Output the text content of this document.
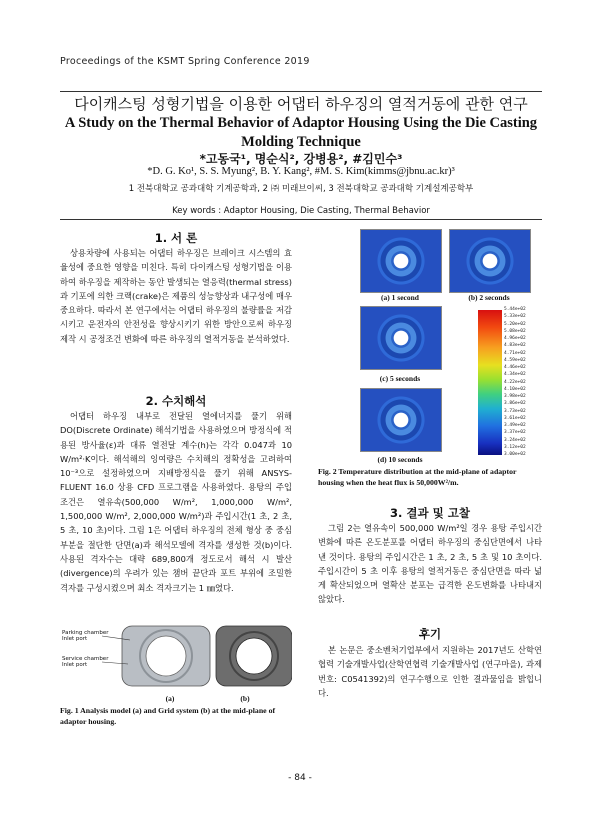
Proceedings of the KSMT Spring Conference 2019
다이캐스팅 성형기법을 이용한 어댑터 하우징의 열적거동에 관한 연구
A Study on the Thermal Behavior of Adaptor Housing Using the Die Casting Molding Technique
*고동국¹, 명순식², 강병용², #김민수³
*D. G. Ko¹, S. S. Myung², B. Y. Kang², #M. S. Kim(kimms@jbnu.ac.kr)³
1 전북대학교 공과대학 기계공학과, 2 ㈜ 미래브이씨, 3 전북대학교 공과대학 기계설계공학부
Key words : Adaptor Housing, Die Casting, Thermal Behavior
1. 서 론
상용차량에 사용되는 어댑터 하우징은 브레이크 시스템의 효율성에 중요한 영향을 미친다. 특히 다이캐스팅 성형기법을 이용하여 하우징을 제작하는 동안 발생되는 열응력(thermal stress)과 기포에 의한 크랙(crake)은 제품의 성능향상과 내구성에 매우 중요하다. 따라서 본 연구에서는 어댑터 하우징의 불량률을 저감시키고 운전자의 안전성을 향상시키기 위한 방안으로써 하우징 제작 시 공정조건 변화에 따른 하우징의 열적거동을 분석하였다.
2. 수치해석
어댑터 하우징 내부로 전달된 열에너지를 풀기 위해 DO(Discrete Ordinate) 해석기법을 사용하였으며 방정식에 적용된 방사율(ε)과 대류 열전달 계수(h)는 각각 0.047과 10 W/m²·K이다. 해석해의 잉여량은 수치해의 정확성을 고려하여 10⁻³으로 설정하였으며 지배방정식을 풀기 위해 ANSYS-FLUENT 16.0 상용 CFD 프로그램을 사용하였다. 용탕의 주입조건은 열유속(500,000 W/m², 1,000,000 W/m², 1,500,000 W/m², 2,000,000 W/m²)과 주입시간(1 초, 2 초, 5 초, 10 초)이다. 그림 1은 어댑터 하우징의 전체 형상 중 중심부분을 절단한 단면(a)과 해석모델에 격자를 생성한 것(b)이다. 사용된 격자수는 대략 689,800개 정도로서 해석 시 발산(divergence)의 우려가 있는 챔버 끝단과 포트 부위에 조밀한 격자를 구성시켰으며 최소 격자크기는 1 ㎜였다.
Parking chamber
Inlet port
Service chamber
Inlet port
(a)	(b)
Fig. 1 Analysis model (a) and Grid system (b) at the mid-plane of adaptor housing.
(a) 1 second	(b) 2 seconds
(c) 5 seconds
(d) 10 seconds
5.44e+02
5.33e+02
5.20e+02
5.08e+02
4.96e+02
4.83e+02
4.71e+02
4.59e+02
4.46e+02
4.34e+02
4.22e+02
4.10e+02
3.98e+02
3.86e+02
3.73e+02
3.61e+02
3.49e+02
3.37e+02
3.24e+02
3.12e+02
3.00e+02
Fig. 2 Temperature distribution at the mid-plane of adaptor housing when the heat flux is 50,000W²/m.
3. 결과 및 고찰
그림 2는 열유속이 500,000 W/m²일 경우 용탕 주입시간 변화에 따른 온도분포를 어댑터 하우징의 중심단면에서 나타낸 것이다. 용탕의 주입시간은 1 초, 2 초, 5 초 및 10 초이다. 주입시간이 5 초 이후 용탕의 열적거동은 중심단면을 따라 넓게 확산되었으며 열확산 분포는 급격한 온도변화를 나타내지 않았다.
후기
본 논문은 중소벤처기업부에서 지원하는 2017년도 산학연협력 기술개발사업(산학연협력 기술개발사업 (연구마을), 과제번호: C0541392)의 연구수행으로 인한 결과물임을 밝힙니다.
- 84 -
